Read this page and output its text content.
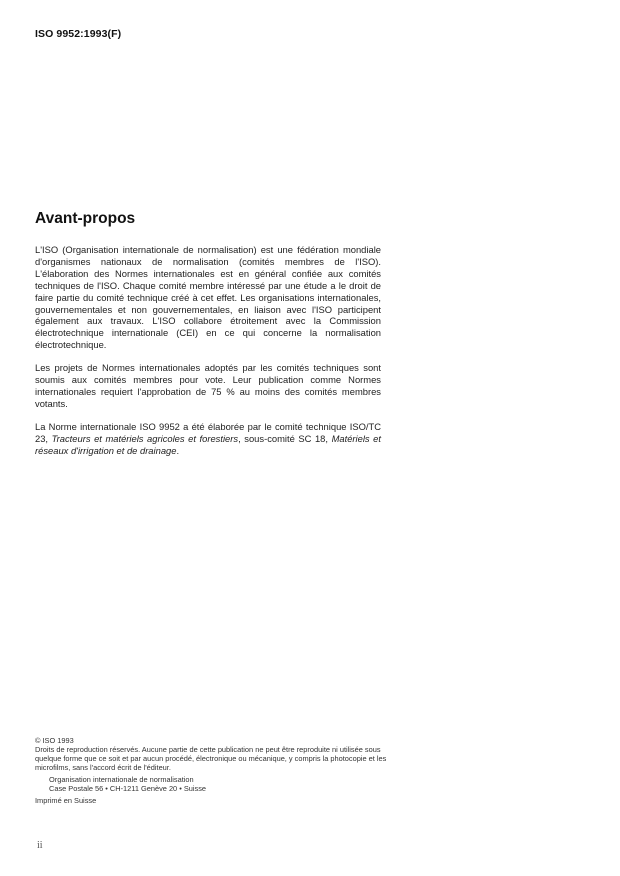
ISO 9952:1993(F)
Avant-propos

L'ISO (Organisation internationale de normalisation) est une fédération mondiale d'organismes nationaux de normalisation (comités membres de l'ISO). L'élaboration des Normes internationales est en général confiée aux comités techniques de l'ISO. Chaque comité membre intéressé par une étude a le droit de faire partie du comité technique créé à cet effet. Les organisations internationales, gouvernementales et non gouvernementales, en liaison avec l'ISO participent également aux travaux. L'ISO collabore étroitement avec la Commission électrotechnique internationale (CEI) en ce qui concerne la normalisation électrotechnique.

Les projets de Normes internationales adoptés par les comités techniques sont soumis aux comités membres pour vote. Leur publication comme Normes internationales requiert l'approbation de 75 % au moins des comités membres votants.

La Norme internationale ISO 9952 a été élaborée par le comité technique ISO/TC 23, Tracteurs et matériels agricoles et forestiers, sous-comité SC 18, Matériels et réseaux d'irrigation et de drainage.

© ISO 1993
Droits de reproduction réservés. Aucune partie de cette publication ne peut être reproduite ni utilisée sous quelque forme que ce soit et par aucun procédé, électronique ou mécanique, y compris la photocopie et les microfilms, sans l'accord écrit de l'éditeur.
Organisation internationale de normalisation
Case Postale 56 • CH-1211 Genève 20 • Suisse
Imprimé en Suisse
ii
